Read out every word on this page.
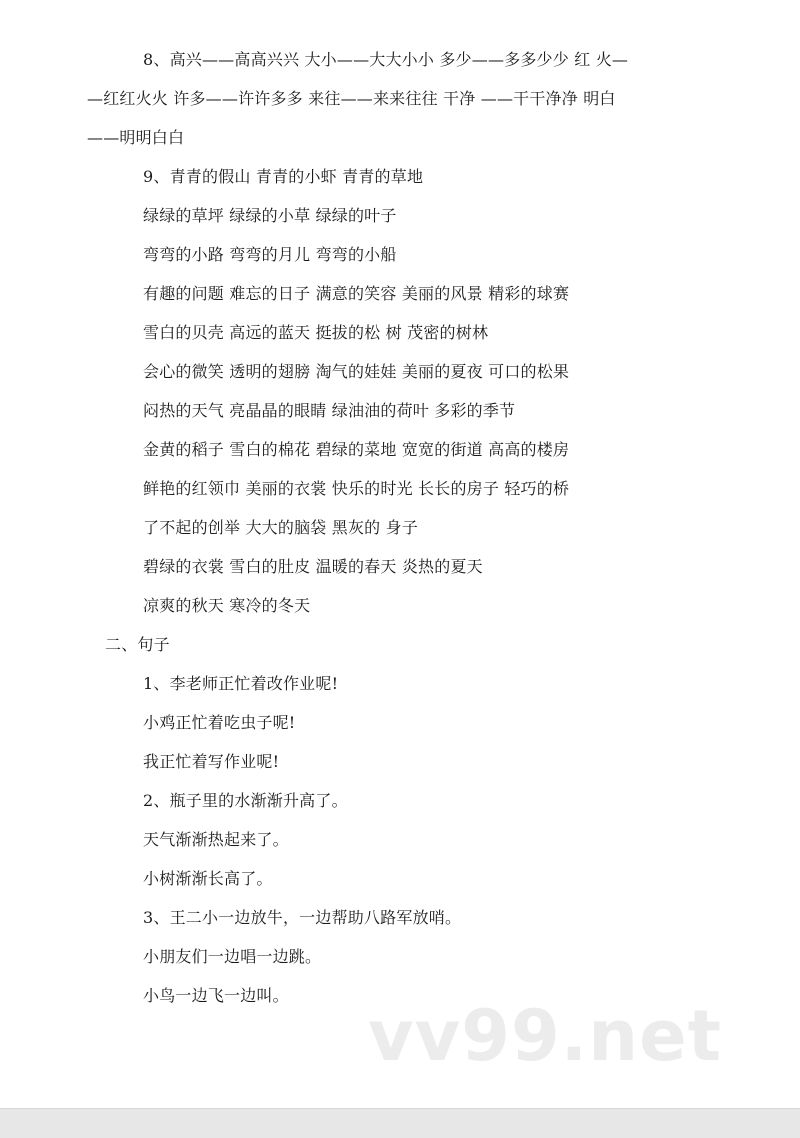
8、高兴——高高兴兴 大小——大大小小 多少——多多少少 红 火—
—红红火火 许多——许许多多 来往——来来往往 干净 ——干干净净 明白
——明明白白
9、青青的假山 青青的小虾 青青的草地
绿绿的草坪 绿绿的小草 绿绿的叶子
弯弯的小路 弯弯的月儿 弯弯的小船
有趣的问题 难忘的日子 满意的笑容 美丽的风景 精彩的球赛
雪白的贝壳 高远的蓝天 挺拔的松 树 茂密的树林
会心的微笑 透明的翅膀 淘气的娃娃 美丽的夏夜 可口的松果
闷热的天气 亮晶晶的眼睛 绿油油的荷叶 多彩的季节
金黄的稻子 雪白的棉花 碧绿的菜地 宽宽的街道 高高的楼房
鲜艳的红领巾 美丽的衣裳 快乐的时光 长长的房子 轻巧的桥
了不起的创举 大大的脑袋 黑灰的 身子
碧绿的衣裳 雪白的肚皮 温暖的春天 炎热的夏天
凉爽的秋天 寒冷的冬天
二、句子
1、李老师正忙着改作业呢!
小鸡正忙着吃虫子呢!
我正忙着写作业呢!
2、瓶子里的水渐渐升高了。
天气渐渐热起来了。
小树渐渐长高了。
3、王二小一边放牛，一边帮助八路军放哨。
小朋友们一边唱一边跳。
小鸟一边飞一边叫。 vv99.net
